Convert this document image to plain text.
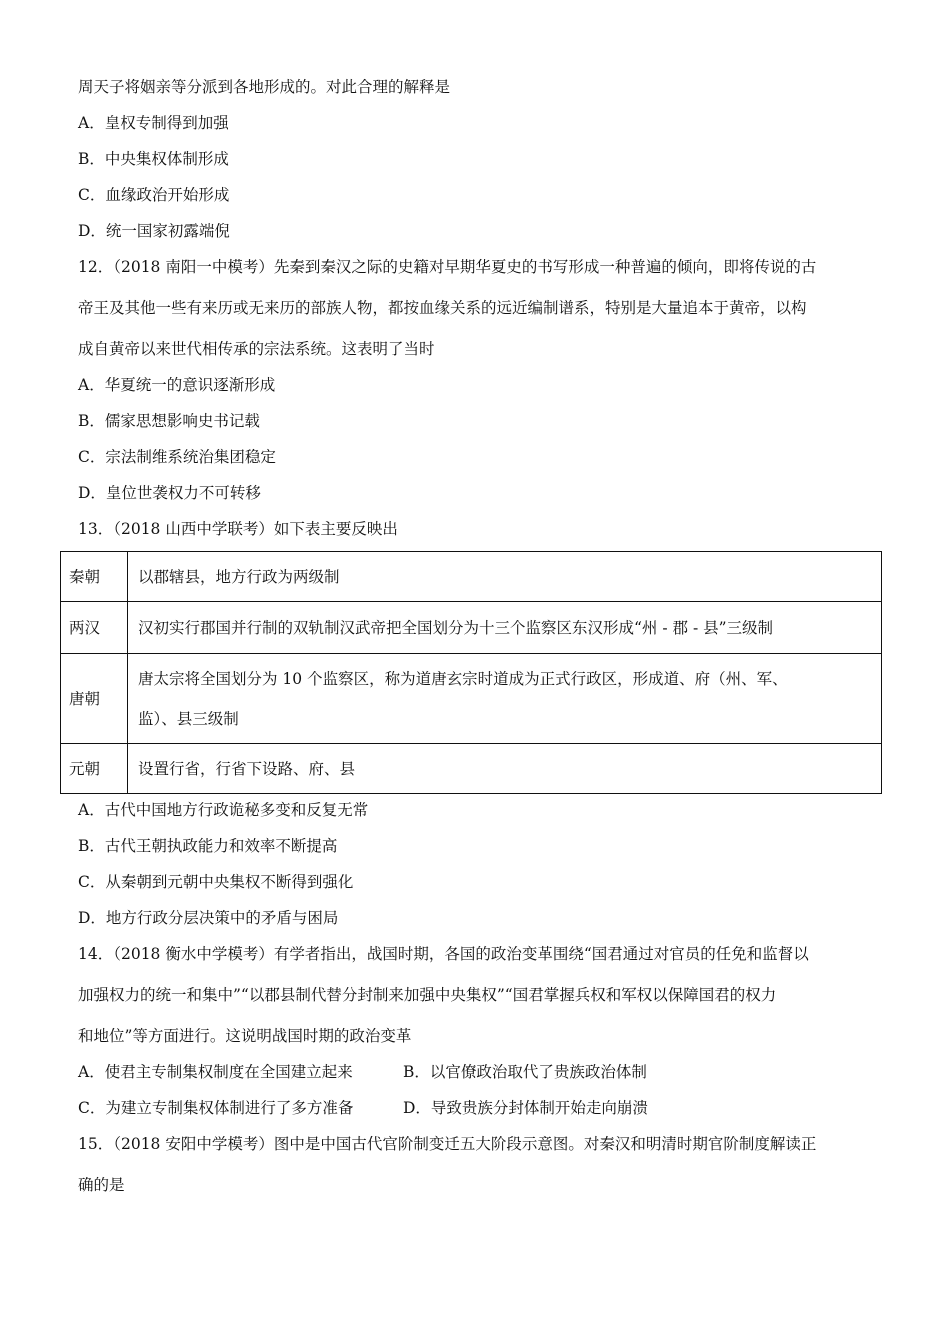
周天子将姻亲等分派到各地形成的。对此合理的解释是
A．皇权专制得到加强
B．中央集权体制形成
C．血缘政治开始形成
D．统一国家初露端倪
12．（2018 南阳一中模考）先秦到秦汉之际的史籍对早期华夏史的书写形成一种普遍的倾向，即将传说的古
帝王及其他一些有来历或无来历的部族人物，都按血缘关系的远近编制谱系，特别是大量追本于黄帝，以构
成自黄帝以来世代相传承的宗法系统。这表明了当时
A．华夏统一的意识逐渐形成
B．儒家思想影响史书记载
C．宗法制维系统治集团稳定
D．皇位世袭权力不可转移
13．（2018 山西中学联考）如下表主要反映出
秦朝	以郡辖县，地方行政为两级制
两汉	汉初实行郡国并行制的双轨制汉武帝把全国划分为十三个监察区东汉形成“州 - 郡 - 县”三级制
唐朝	唐太宗将全国划分为 10 个监察区，称为道唐玄宗时道成为正式行政区，形成道、府（州、军、
监）、县三级制

元朝	设置行省，行省下设路、府、县
A．古代中国地方行政诡秘多变和反复无常
B．古代王朝执政能力和效率不断提高
C．从秦朝到元朝中央集权不断得到强化
D．地方行政分层决策中的矛盾与困局
14．（2018 衡水中学模考）有学者指出，战国时期，各国的政治变革围绕“国君通过对官员的任免和监督以
加强权力的统一和集中”“以郡县制代替分封制来加强中央集权”“国君掌握兵权和军权以保障国君的权力
和地位”等方面进行。这说明战国时期的政治变革
A．使君主专制集权制度在全国建立起来	B．以官僚政治取代了贵族政治体制
C．为建立专制集权体制进行了多方准备	D．导致贵族分封体制开始走向崩溃
15．（2018 安阳中学模考）图中是中国古代官阶制变迁五大阶段示意图。对秦汉和明清时期官阶制度解读正
确的是
